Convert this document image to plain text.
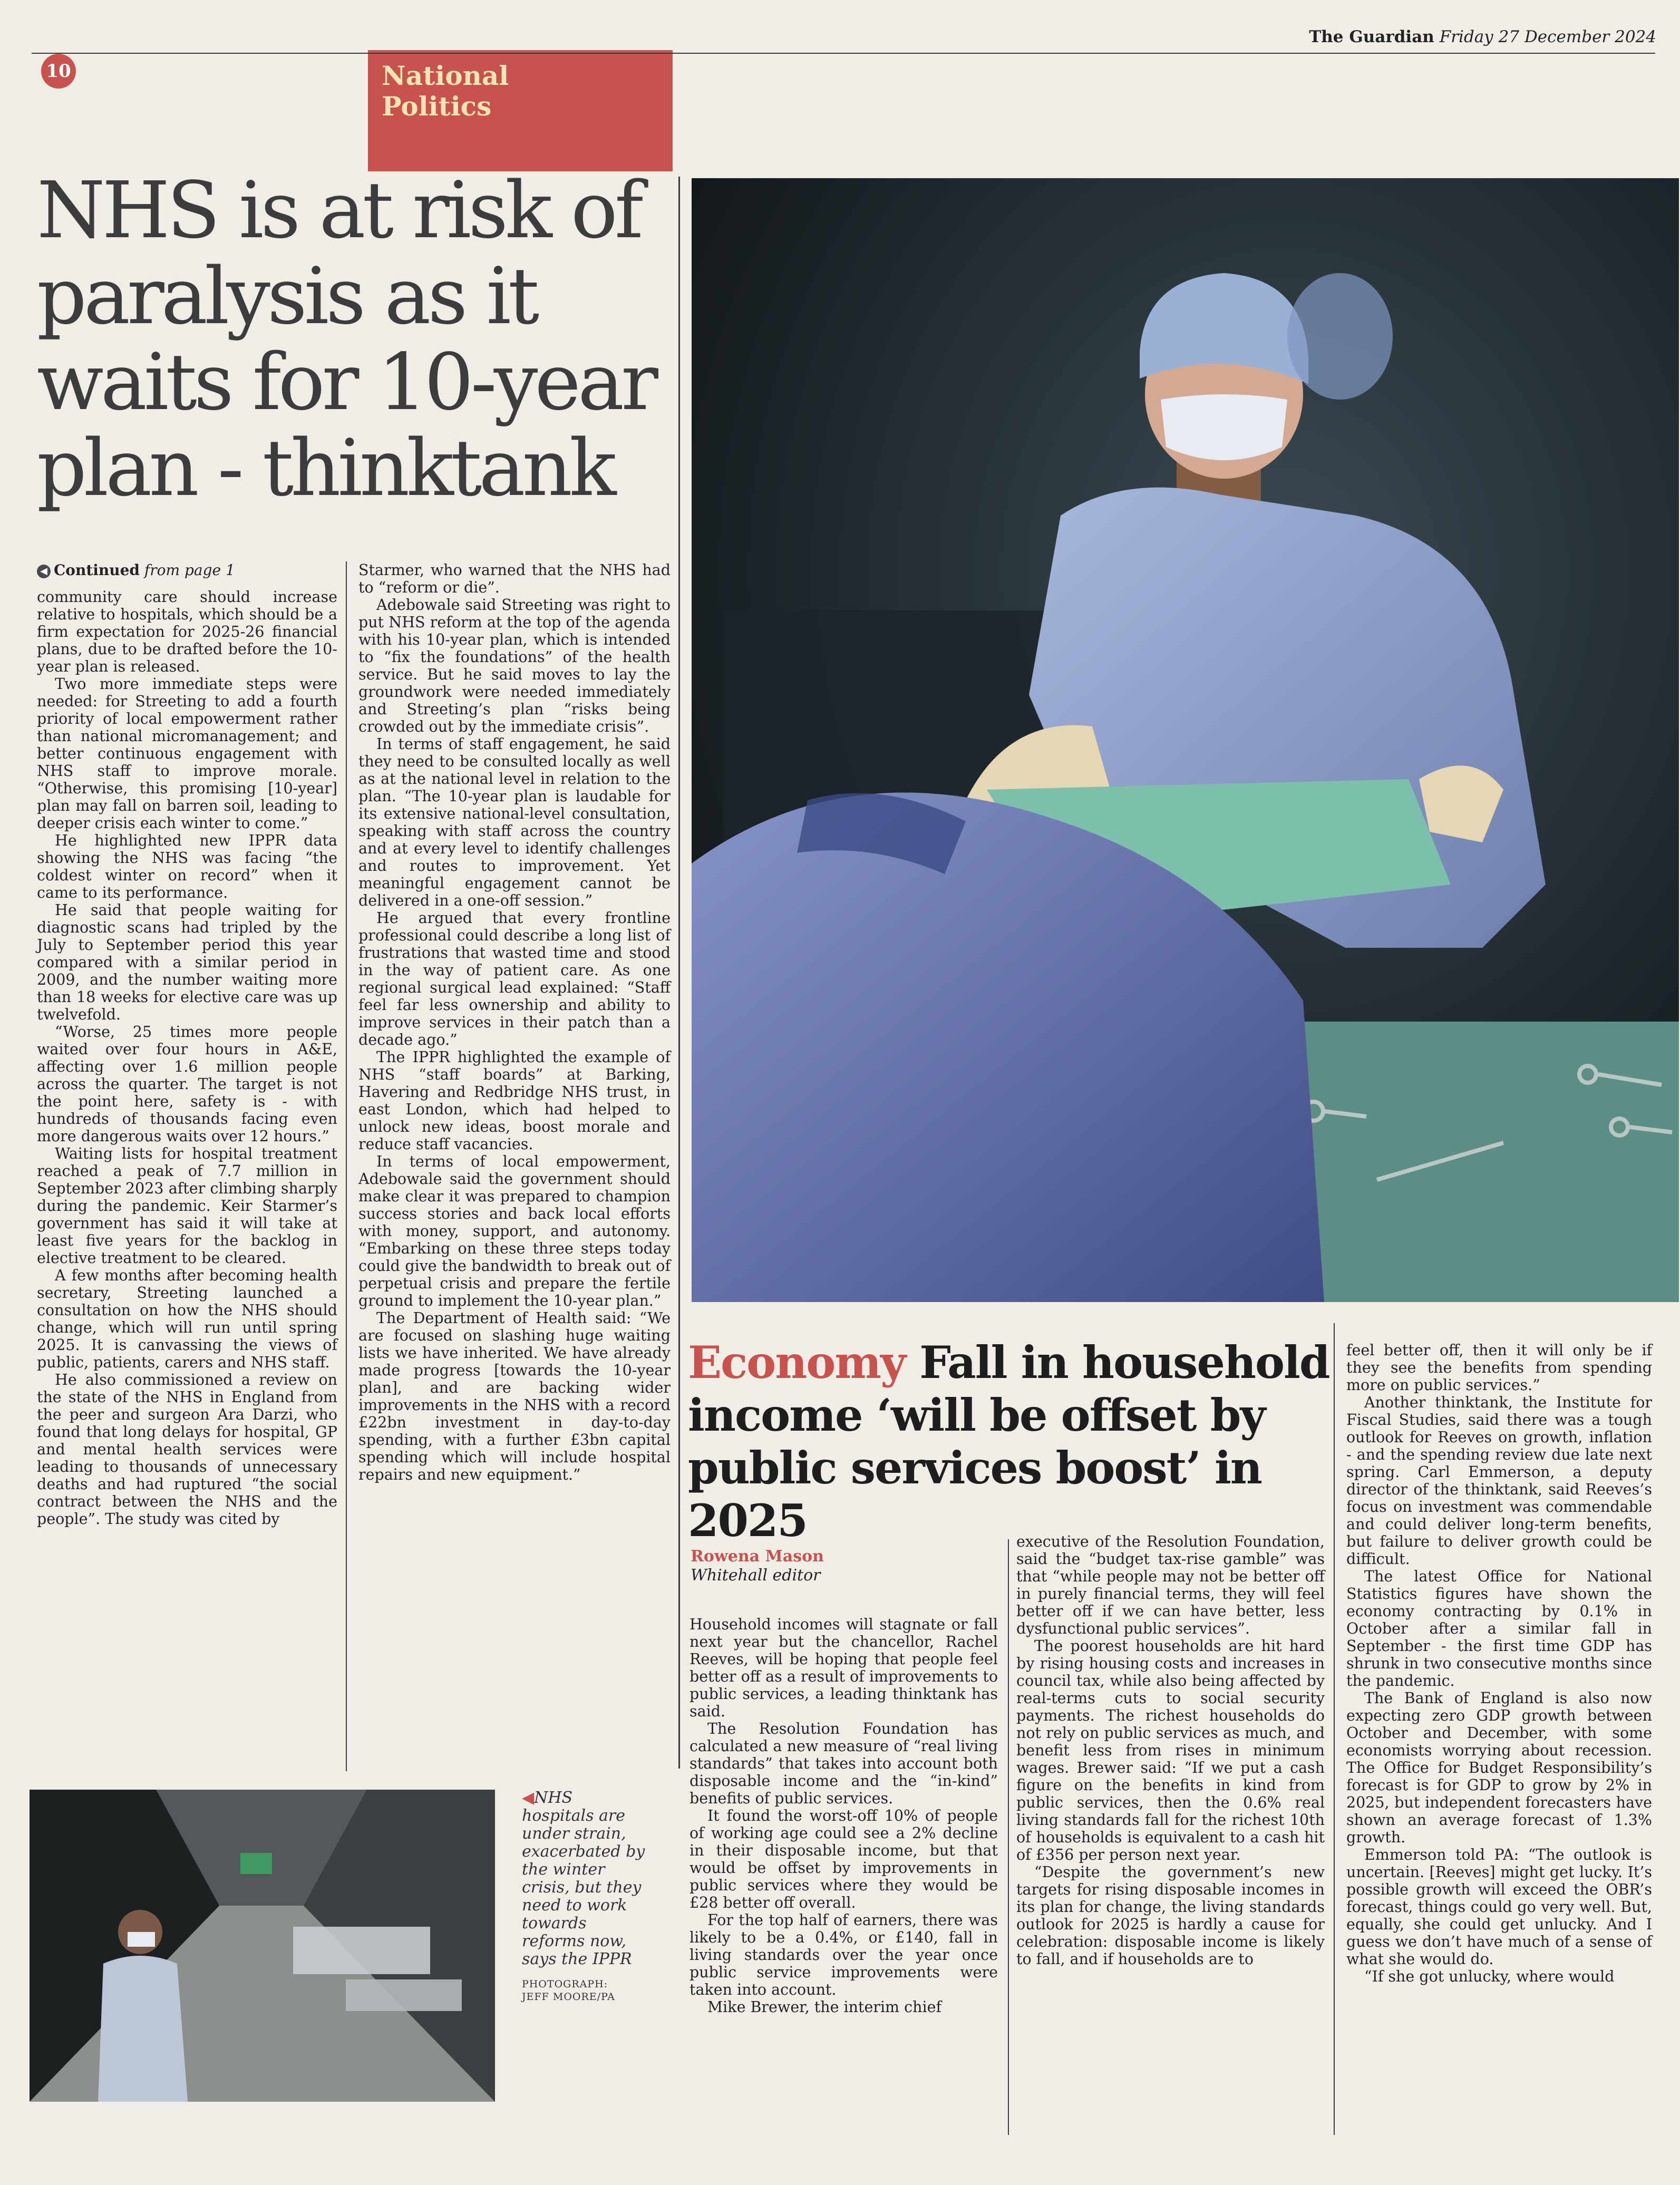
10	National
Politics
The Guardian Friday 27 December 2024
NHS is at risk of
paralysis as it
waits for 10-year
plan - thinktank

◀ Continued from page 1

community care should increase relative to hospitals, which should be a firm expectation for 2025-26 financial plans, due to be drafted before the 10-year plan is released.

Two more immediate steps were needed: for Streeting to add a fourth priority of local empowerment rather than national micromanagement; and better continuous engagement with NHS staff to improve morale. “Otherwise, this promising [10-year] plan may fall on barren soil, leading to deeper crisis each winter to come.”

He highlighted new IPPR data showing the NHS was facing “the coldest winter on record” when it came to its performance.

He said that people waiting for diagnostic scans had tripled by the July to September period this year compared with a similar period in 2009, and the number waiting more than 18 weeks for elective care was up twelvefold.

“Worse, 25 times more people waited over four hours in A&E, affecting over 1.6 million people across the quarter. The target is not the point here, safety is - with hundreds of thousands facing even more dangerous waits over 12 hours.”

Waiting lists for hospital treatment reached a peak of 7.7 million in September 2023 after climbing sharply during the pandemic. Keir Starmer’s government has said it will take at least five years for the backlog in elective treatment to be cleared.

A few months after becoming health secretary, Streeting launched a consultation on how the NHS should change, which will run until spring 2025. It is canvassing the views of public, patients, carers and NHS staff.

He also commissioned a review on the state of the NHS in England from the peer and surgeon Ara Darzi, who found that long delays for hospital, GP and mental health services were leading to thousands of unnecessary deaths and had ruptured “the social contract between the NHS and the people”. The study was cited by

Starmer, who warned that the NHS had to “reform or die”.

Adebowale said Streeting was right to put NHS reform at the top of the agenda with his 10-year plan, which is intended to “fix the foundations” of the health service. But he said moves to lay the groundwork were needed immediately and Streeting’s plan “risks being crowded out by the immediate crisis”.

In terms of staff engagement, he said they need to be consulted locally as well as at the national level in relation to the plan. “The 10-year plan is laudable for its extensive national-level consultation, speaking with staff across the country and at every level to identify challenges and routes to improvement. Yet meaningful engagement cannot be delivered in a one-off session.”

He argued that every frontline professional could describe a long list of frustrations that wasted time and stood in the way of patient care. As one regional surgical lead explained: “Staff feel far less ownership and ability to improve services in their patch than a decade ago.”

The IPPR highlighted the example of NHS “staff boards” at Barking, Havering and Redbridge NHS trust, in east London, which had helped to unlock new ideas, boost morale and reduce staff vacancies.

In terms of local empowerment, Adebowale said the government should make clear it was prepared to champion success stories and back local efforts with money, support, and autonomy. “Embarking on these three steps today could give the bandwidth to break out of perpetual crisis and prepare the fertile ground to implement the 10-year plan.”

The Department of Health said: “We are focused on slashing huge waiting lists we have inherited. We have already made progress [towards the 10-year plan], and are backing wider improvements in the NHS with a record £22bn investment in day-to-day spending, with a further £3bn capital spending which will include hospital repairs and new equipment.”

◀NHS hospitals are under strain, exacerbated by the winter crisis, but they need to work towards reforms now, says the IPPR
PHOTOGRAPH:
JEFF MOORE/PA
Economy Fall in household
income ‘will be offset by
public services boost’ in 2025
Rowena Mason
Whitehall editor

Household incomes will stagnate or fall next year but the chancellor, Rachel Reeves, will be hoping that people feel better off as a result of improvements to public services, a leading thinktank has said.

The Resolution Foundation has calculated a new measure of “real living standards” that takes into account both disposable income and the “in-kind” benefits of public services.

It found the worst-off 10% of people of working age could see a 2% decline in their disposable income, but that would be offset by improvements in public services where they would be £28 better off overall.

For the top half of earners, there was likely to be a 0.4%, or £140, fall in living standards over the year once public service improvements were taken into account.

Mike Brewer, the interim chief

executive of the Resolution Foundation, said the “budget tax-rise gamble” was that “while people may not be better off in purely financial terms, they will feel better off if we can have better, less dysfunctional public services”.

The poorest households are hit hard by rising housing costs and increases in council tax, while also being affected by real-terms cuts to social security payments. The richest households do not rely on public services as much, and benefit less from rises in minimum wages. Brewer said: “If we put a cash figure on the benefits in kind from public services, then the 0.6% real living standards fall for the richest 10th of households is equivalent to a cash hit of £356 per person next year.

“Despite the government’s new targets for rising disposable incomes in its plan for change, the living standards outlook for 2025 is hardly a cause for celebration: disposable income is likely to fall, and if households are to

feel better off, then it will only be if they see the benefits from spending more on public services.”

Another thinktank, the Institute for Fiscal Studies, said there was a tough outlook for Reeves on growth, inflation - and the spending review due late next spring. Carl Emmerson, a deputy director of the thinktank, said Reeves’s focus on investment was commendable and could deliver long-term benefits, but failure to deliver growth could be difficult.

The latest Office for National Statistics figures have shown the economy contracting by 0.1% in October after a similar fall in September - the first time GDP has shrunk in two consecutive months since the pandemic.

The Bank of England is also now expecting zero GDP growth between October and December, with some economists worrying about recession. The Office for Budget Responsibility’s forecast is for GDP to grow by 2% in 2025, but independent forecasters have shown an average forecast of 1.3% growth.

Emmerson told PA: “The outlook is uncertain. [Reeves] might get lucky. It’s possible growth will exceed the OBR’s forecast, things could go very well. But, equally, she could get unlucky. And I guess we don’t have much of a sense of what she would do.

“If she got unlucky, where would
